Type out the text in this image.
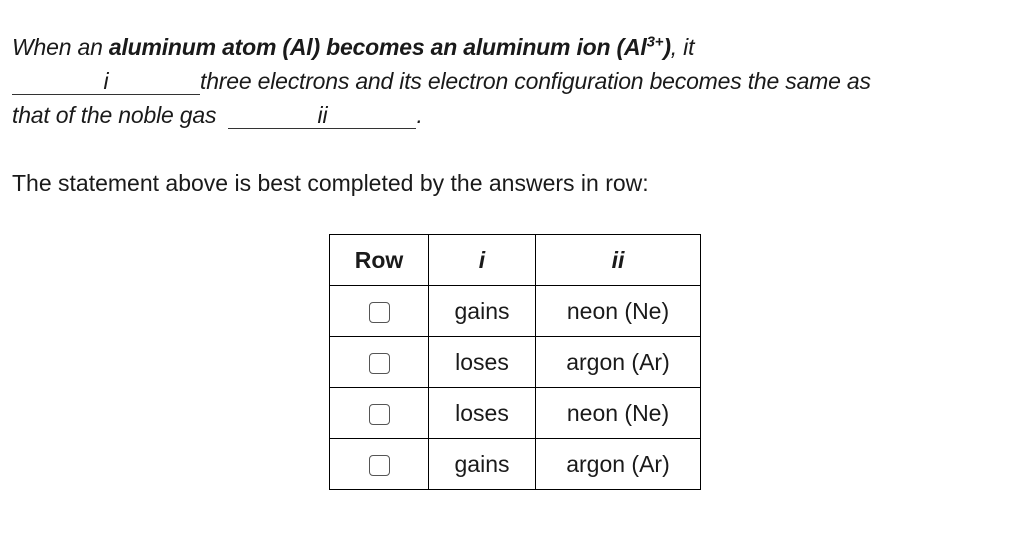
When an aluminum atom (Al) becomes an aluminum ion $(Al^{3+})$, it
i	three electrons and its electron configuration becomes the same as
that of the noble gas	ii	.
The statement above is best completed by the answers in row:
Row	i	ii
	gains	neon (Ne)
	loses	argon (Ar)
	loses	neon (Ne)
	gains	argon (Ar)
